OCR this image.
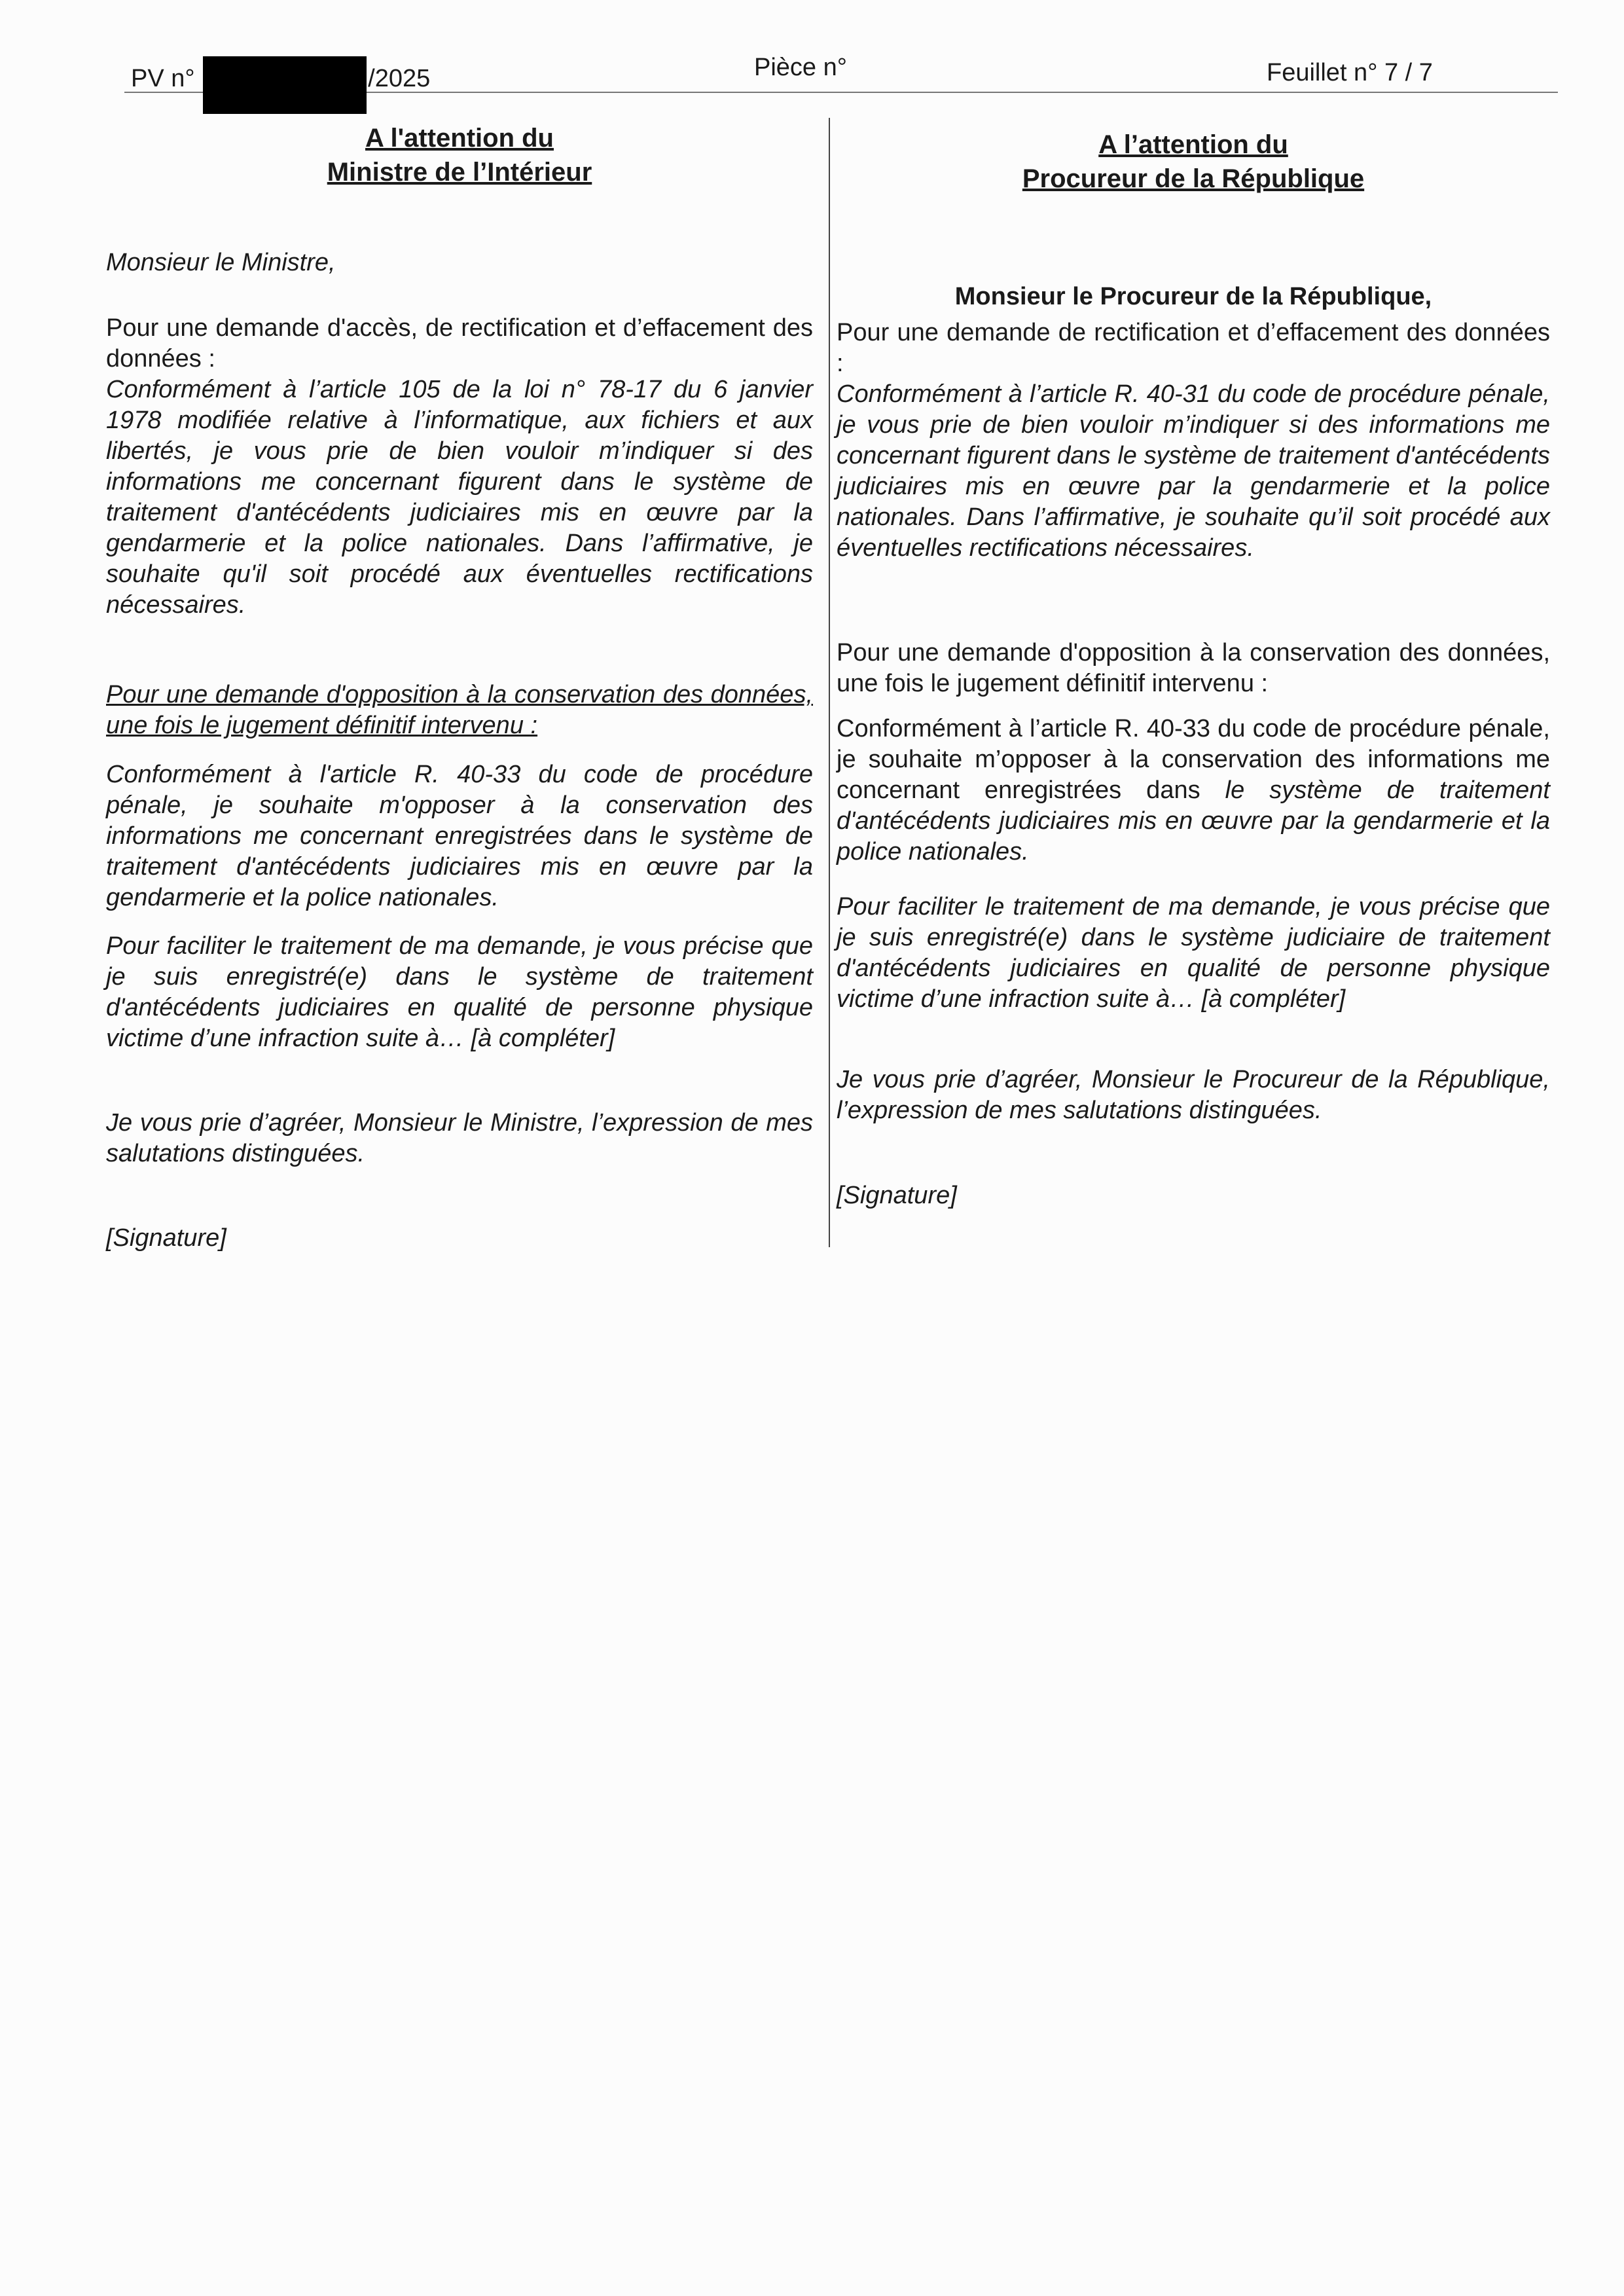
PV n°	/2025	Pièce n°	Feuillet n° 7 / 7
A l'attention du
Ministre de l’Intérieur

Monsieur le Ministre,

Pour une demande d'accès, de rectification et d’effacement des données :

Conformément à l’article 105 de la loi n° 78-17 du 6 janvier 1978 modifiée relative à l’informatique, aux fichiers et aux libertés, je vous prie de bien vouloir m’indiquer si des informations me concernant figurent dans le système de traitement d'antécédents judiciaires mis en œuvre par la gendarmerie et la police nationales. Dans l’affirmative, je souhaite qu'il soit procédé aux éventuelles rectifications nécessaires.

Pour une demande d'opposition à la conservation des données, une fois le jugement définitif intervenu :

Conformément à l'article R. 40-33 du code de procédure pénale, je souhaite m'opposer à la conservation des informations me concernant enregistrées dans le système de traitement d'antécédents judiciaires mis en œuvre par la gendarmerie et la police nationales.

Pour faciliter le traitement de ma demande, je vous précise que je suis enregistré(e) dans le système de traitement d'antécédents judiciaires en qualité de personne physique victime d’une infraction suite à… [à compléter]

Je vous prie d’agréer, Monsieur le Ministre, l’expression de mes salutations distinguées.

[Signature]

A l’attention du
Procureur de la République

Monsieur le Procureur de la République,

Pour une demande de rectification et d’effacement des données :

Conformément à l’article R. 40-31 du code de procédure pénale, je vous prie de bien vouloir m’indiquer si des informations me concernant figurent dans le système de traitement d'antécédents judiciaires mis en œuvre par la gendarmerie et la police nationales. Dans l’affirmative, je souhaite qu’il soit procédé aux éventuelles rectifications nécessaires.

Pour une demande d'opposition à la conservation des données, une fois le jugement définitif intervenu :

Conformément à l’article R. 40-33 du code de procédure pénale, je souhaite m’opposer à la conservation des informations me concernant enregistrées dans le système de traitement d'antécédents judiciaires mis en œuvre par la gendarmerie et la police nationales.

Pour faciliter le traitement de ma demande, je vous précise que je suis enregistré(e) dans le système judiciaire de traitement d'antécédents judiciaires en qualité de personne physique victime d’une infraction suite à… [à compléter]

Je vous prie d’agréer, Monsieur le Procureur de la République, l’expression de mes salutations distinguées.

[Signature]
